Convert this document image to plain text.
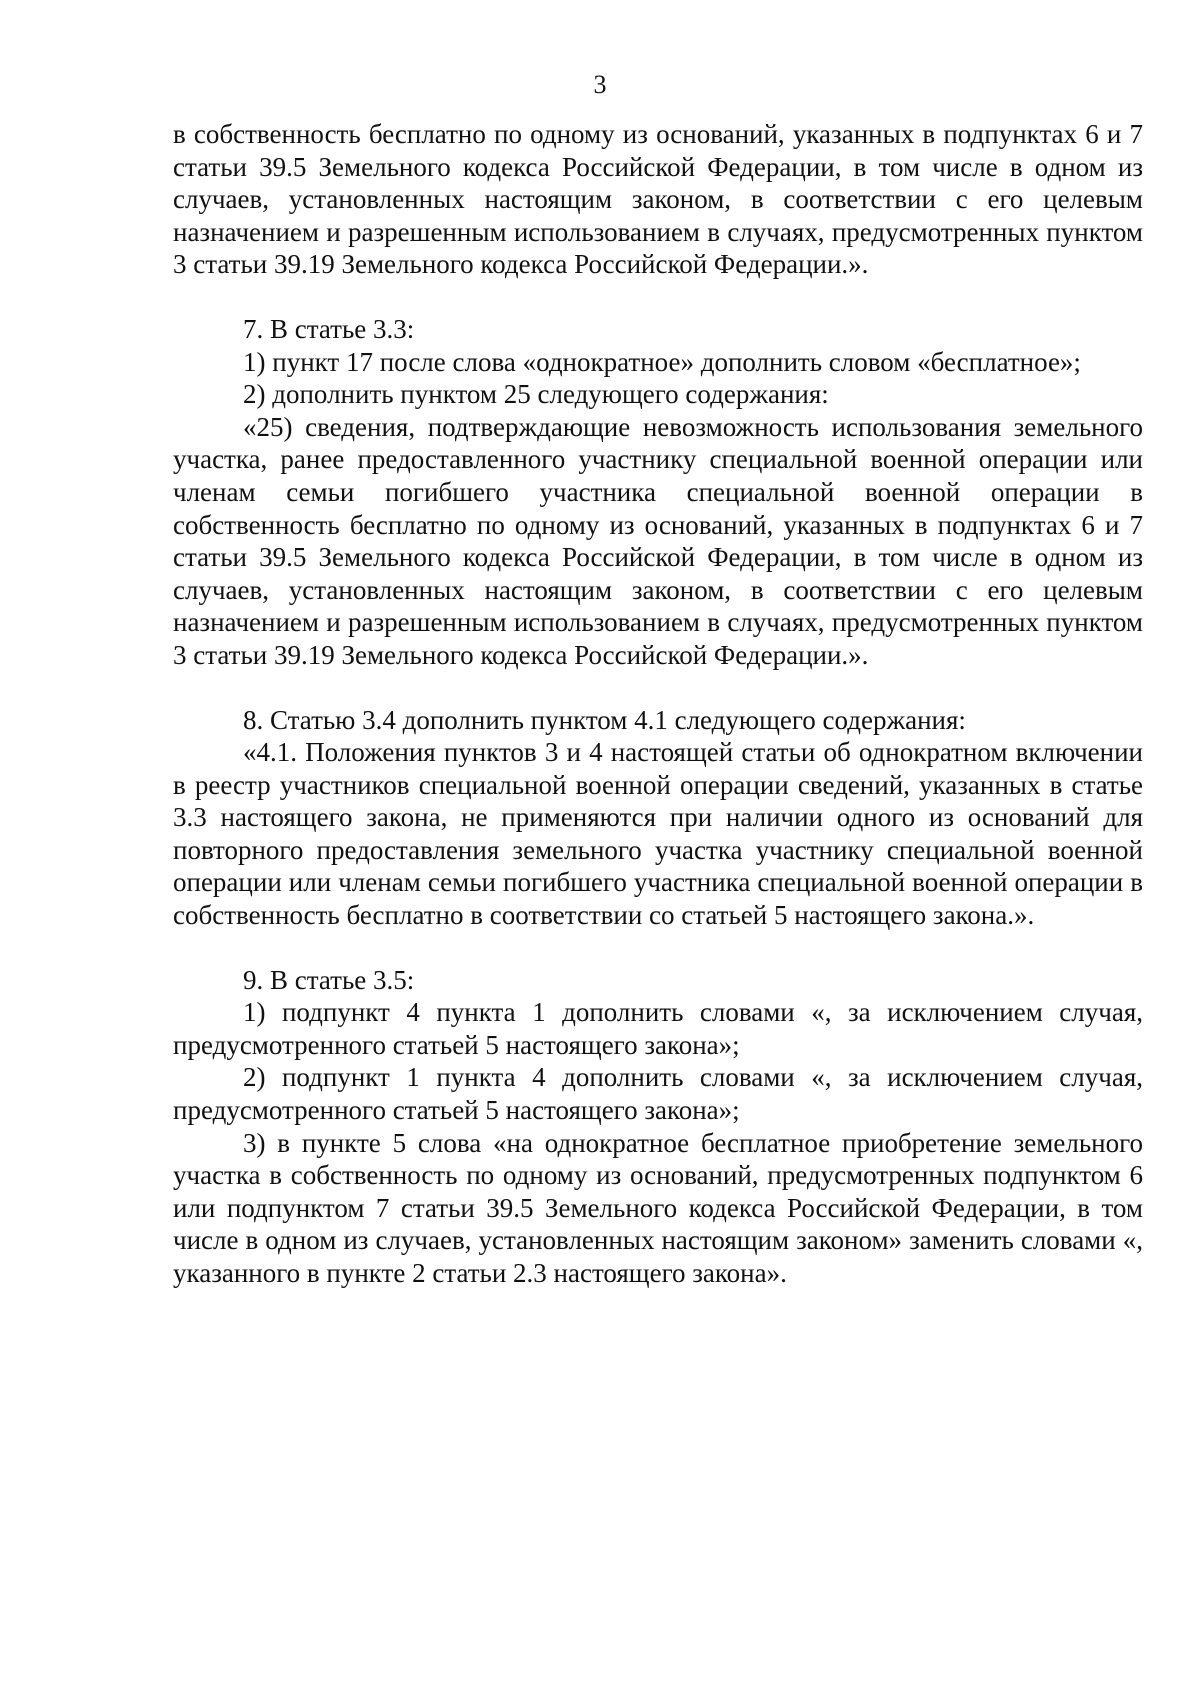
3

в собственность бесплатно по одному из оснований, указанных в подпунктах 6 и 7 статьи 39.5 Земельного кодекса Российской Федерации, в том числе в одном из случаев, установленных настоящим законом, в соответствии с его целевым назначением и разрешенным использованием в случаях, предусмотренных пунктом 3 статьи 39.19 Земельного кодекса Российской Федерации.».

7. В статье 3.3:

1) пункт 17 после слова «однократное» дополнить словом «бесплатное»;

2) дополнить пунктом 25 следующего содержания:

«25) сведения, подтверждающие невозможность использования земельного участка, ранее предоставленного участнику специальной военной операции или членам семьи погибшего участника специальной военной операции в собственность бесплатно по одному из оснований, указанных в подпунктах 6 и 7 статьи 39.5 Земельного кодекса Российской Федерации, в том числе в одном из случаев, установленных настоящим законом, в соответствии с его целевым назначением и разрешенным использованием в случаях, предусмотренных пунктом 3 статьи 39.19 Земельного кодекса Российской Федерации.».

8. Статью 3.4 дополнить пунктом 4.1 следующего содержания:

«4.1. Положения пунктов 3 и 4 настоящей статьи об однократном включении в реестр участников специальной военной операции сведений, указанных в статье 3.3 настоящего закона, не применяются при наличии одного из оснований для повторного предоставления земельного участка участнику специальной военной операции или членам семьи погибшего участника специальной военной операции в собственность бесплатно в соответствии со статьей 5 настоящего закона.».

9. В статье 3.5:

1) подпункт 4 пункта 1 дополнить словами «, за исключением случая, предусмотренного статьей 5 настоящего закона»;

2) подпункт 1 пункта 4 дополнить словами «, за исключением случая, предусмотренного статьей 5 настоящего закона»;

3) в пункте 5 слова «на однократное бесплатное приобретение земельного участка в собственность по одному из оснований, предусмотренных подпунктом 6 или подпунктом 7 статьи 39.5 Земельного кодекса Российской Федерации, в том числе в одном из случаев, установленных настоящим законом» заменить словами «, указанного в пункте 2 статьи 2.3 настоящего закона».
